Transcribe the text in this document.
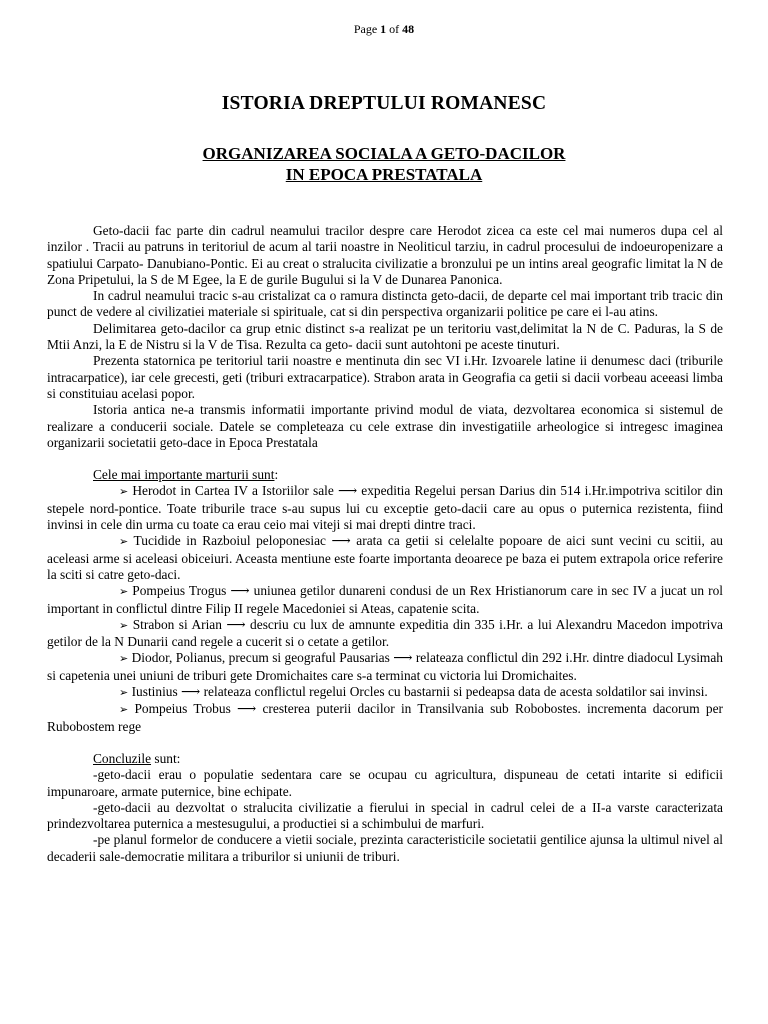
Page 1 of 48
ISTORIA DREPTULUI ROMANESC
ORGANIZAREA SOCIALA A GETO-DACILOR
IN EPOCA PRESTATALA

Geto-dacii fac parte din cadrul neamului tracilor despre care Herodot zicea ca este cel mai numeros dupa cel al inzilor . Tracii au patruns in teritoriul de acum al tarii noastre in Neoliticul tarziu, in cadrul procesului de indoeuropenizare a spatiului Carpato- Danubiano-Pontic. Ei au creat o stralucita civilizatie a bronzului pe un intins areal geografic limitat la N de Zona Pripetului, la S de M Egee, la E de gurile Bugului si la V de Dunarea Panonica.

In cadrul neamului tracic s-au cristalizat ca o ramura distincta geto-dacii, de departe cel mai important trib tracic din punct de vedere al civilizatiei materiale si spirituale, cat si din perspectiva organizarii politice pe care ei l-au atins.

Delimitarea geto-dacilor ca grup etnic distinct s-a realizat pe un teritoriu vast,delimitat la N de C. Paduras, la S de Mtii Anzi, la E de Nistru si la V de Tisa. Rezulta ca geto- dacii sunt autohtoni pe aceste tinuturi.

Prezenta statornica pe teritoriul tarii noastre e mentinuta din sec VI i.Hr. Izvoarele latine ii denumesc daci (triburile intracarpatice), iar cele grecesti, geti (triburi extracarpatice). Strabon arata in Geografia ca getii si dacii vorbeau aceeasi limba si constituiau acelasi popor.

Istoria antica ne-a transmis informatii importante privind modul de viata, dezvoltarea economica si sistemul de realizare a conducerii sociale. Datele se completeaza cu cele extrase din investigatiile arheologice si intregesc imaginea organizarii societatii geto-dace in Epoca Prestatala

Cele mai importante marturii sunt:

➢ Herodot in Cartea IV a Istoriilor sale ⟶ expeditia Regelui persan Darius din 514 i.Hr.impotriva scitilor din stepele nord-pontice. Toate triburile trace s-au supus lui cu exceptie geto-dacii care au opus o puternica rezistenta, fiind invinsi in cele din urma cu toate ca erau ceio mai viteji si mai drepti dintre traci.

➢ Tucidide in Razboiul peloponesiac ⟶ arata ca getii si celelalte popoare de aici sunt vecini cu scitii, au aceleasi arme si aceleasi obiceiuri. Aceasta mentiune este foarte importanta deoarece pe baza ei putem extrapola orice referire la sciti si catre geto-daci.

➢ Pompeius Trogus ⟶ uniunea getilor dunareni condusi de un Rex Hristianorum care in sec IV a jucat un rol important in conflictul dintre Filip II regele Macedoniei si Ateas, capatenie scita.

➢ Strabon si Arian ⟶ descriu cu lux de amnunte expeditia din 335 i.Hr. a lui Alexandru Macedon impotriva getilor de la N Dunarii cand regele a cucerit si o cetate a getilor.

➢ Diodor, Polianus, precum si geograful Pausarias ⟶ relateaza conflictul din 292 i.Hr. dintre diadocul Lysimah si capetenia unei uniuni de triburi gete Dromichaites care s-a terminat cu victoria lui Dromichaites.

➢ Iustinius ⟶ relateaza conflictul regelui Orcles cu bastarnii si pedeapsa data de acesta soldatilor sai invinsi.

➢ Pompeius Trobus ⟶ cresterea puterii dacilor in Transilvania sub Robobostes. incrementa dacorum per Rubobostem rege

Concluzile sunt:

-geto-dacii erau o populatie sedentara care se ocupau cu agricultura, dispuneau de cetati intarite si edificii impunaroare, armate puternice, bine echipate.

-geto-dacii au dezvoltat o stralucita civilizatie a fierului in special in cadrul celei de a II-a varste caracterizata prindezvoltarea puternica a mestesugului, a productiei si a schimbului de marfuri.

-pe planul formelor de conducere a vietii sociale, prezinta caracteristicile societatii gentilice ajunsa la ultimul nivel al decaderii sale-democratie militara a triburilor si uniunii de triburi.
